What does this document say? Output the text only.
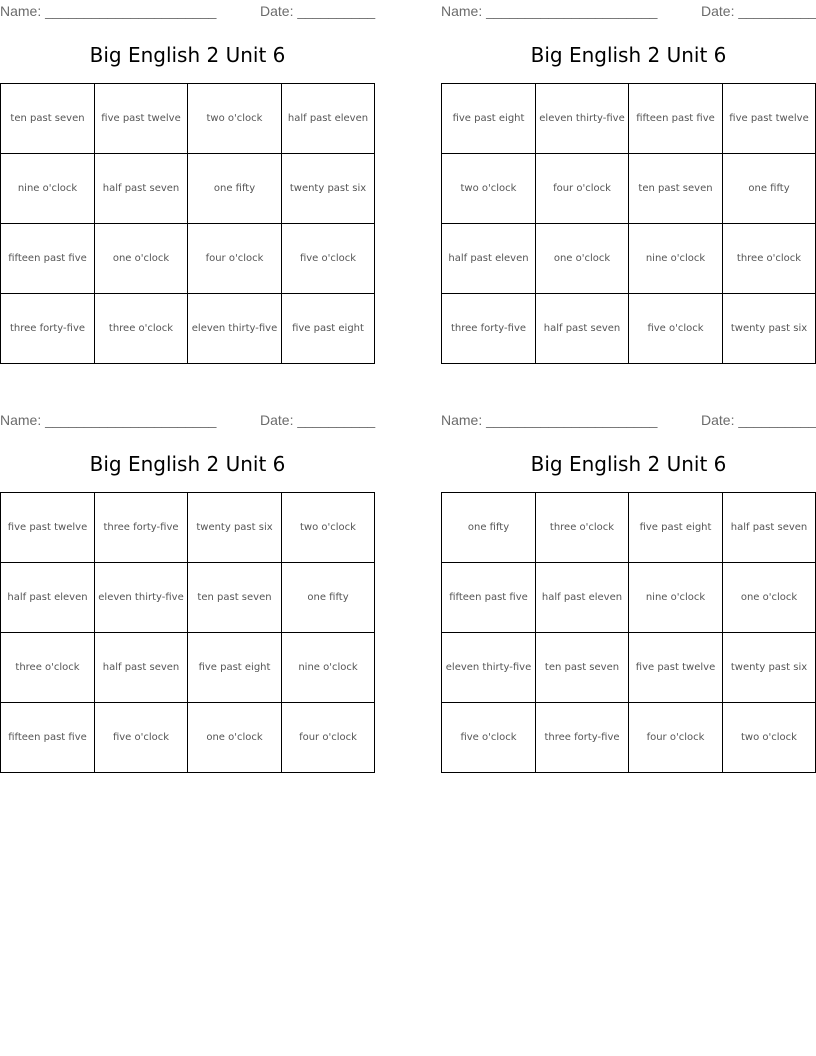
Name: ______________________	Date: __________
Big English 2 Unit 6
ten past seven	five past twelve	two o'clock	half past eleven
nine o'clock	half past seven	one fifty	twenty past six
fifteen past five	one o'clock	four o'clock	five o'clock
three forty-five	three o'clock	eleven thirty-five	five past eight
Name: ______________________	Date: __________
Big English 2 Unit 6
five past eight	eleven thirty-five	fifteen past five	five past twelve
two o'clock	four o'clock	ten past seven	one fifty
half past eleven	one o'clock	nine o'clock	three o'clock
three forty-five	half past seven	five o'clock	twenty past six
Name: ______________________	Date: __________
Big English 2 Unit 6
five past twelve	three forty-five	twenty past six	two o'clock
half past eleven	eleven thirty-five	ten past seven	one fifty
three o'clock	half past seven	five past eight	nine o'clock
fifteen past five	five o'clock	one o'clock	four o'clock
Name: ______________________	Date: __________
Big English 2 Unit 6
one fifty	three o'clock	five past eight	half past seven
fifteen past five	half past eleven	nine o'clock	one o'clock
eleven thirty-five	ten past seven	five past twelve	twenty past six
five o'clock	three forty-five	four o'clock	two o'clock
